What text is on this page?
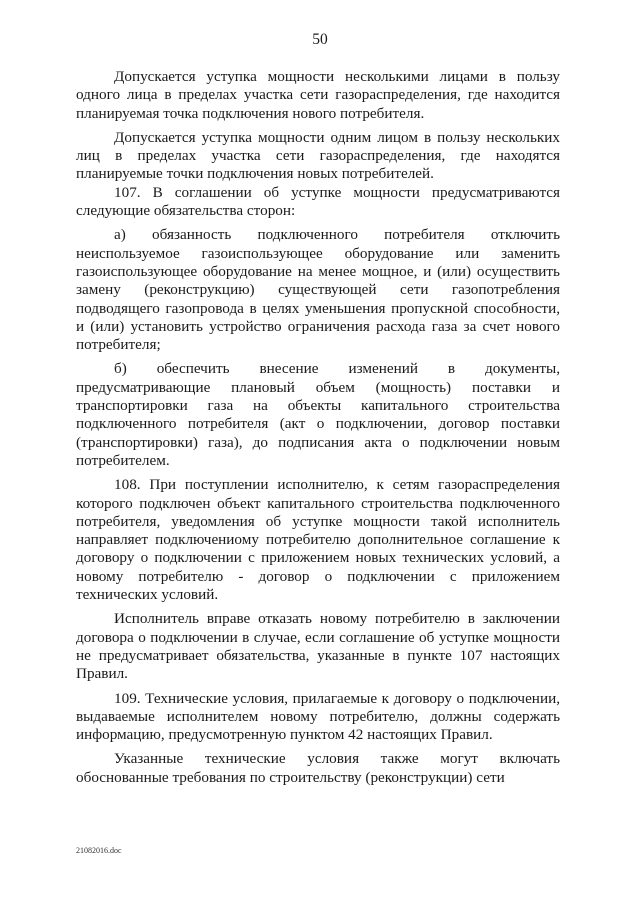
50

Допускается уступка мощности несколькими лицами в пользу одного лица в пределах участка сети газораспределения, где находится планируемая точка подключения нового потребителя.

Допускается уступка мощности одним лицом в пользу нескольких лиц в пределах участка сети газораспределения, где находятся планируемые точки подключения новых потребителей.

107. В соглашении об уступке мощности предусматриваются следующие обязательства сторон:

а) обязанность подключенного потребителя отключить неиспользуемое газоиспользующее оборудование или заменить газоиспользующее оборудование на менее мощное, и (или) осуществить замену (реконструкцию) существующей сети газопотребления подводящего газопровода в целях уменьшения пропускной способности, и (или) установить устройство ограничения расхода газа за счет нового потребителя;

б) обеспечить внесение изменений в документы, предусматривающие плановый объем (мощность) поставки и транспортировки газа на объекты капитального строительства подключенного потребителя (акт о подключении, договор поставки (транспортировки) газа), до подписания акта о подключении новым потребителем.

108. При поступлении исполнителю, к сетям газораспределения которого подключен объект капитального строительства подключенного потребителя, уведомления об уступке мощности такой исполнитель направляет подключениому потребителю дополнительное соглашение к договору о подключении с приложением новых технических условий, а новому потребителю - договор о подключении с приложением технических условий.

Исполнитель вправе отказать новому потребителю в заключении договора о подключении в случае, если соглашение об уступке мощности не предусматривает обязательства, указанные в пункте 107 настоящих Правил.

109. Технические условия, прилагаемые к договору о подключении, выдаваемые исполнителем новому потребителю, должны содержать информацию, предусмотренную пунктом 42 настоящих Правил.

Указанные технические условия также могут включать обоснованные требования по строительству (реконструкции) сети

21082016.doc
